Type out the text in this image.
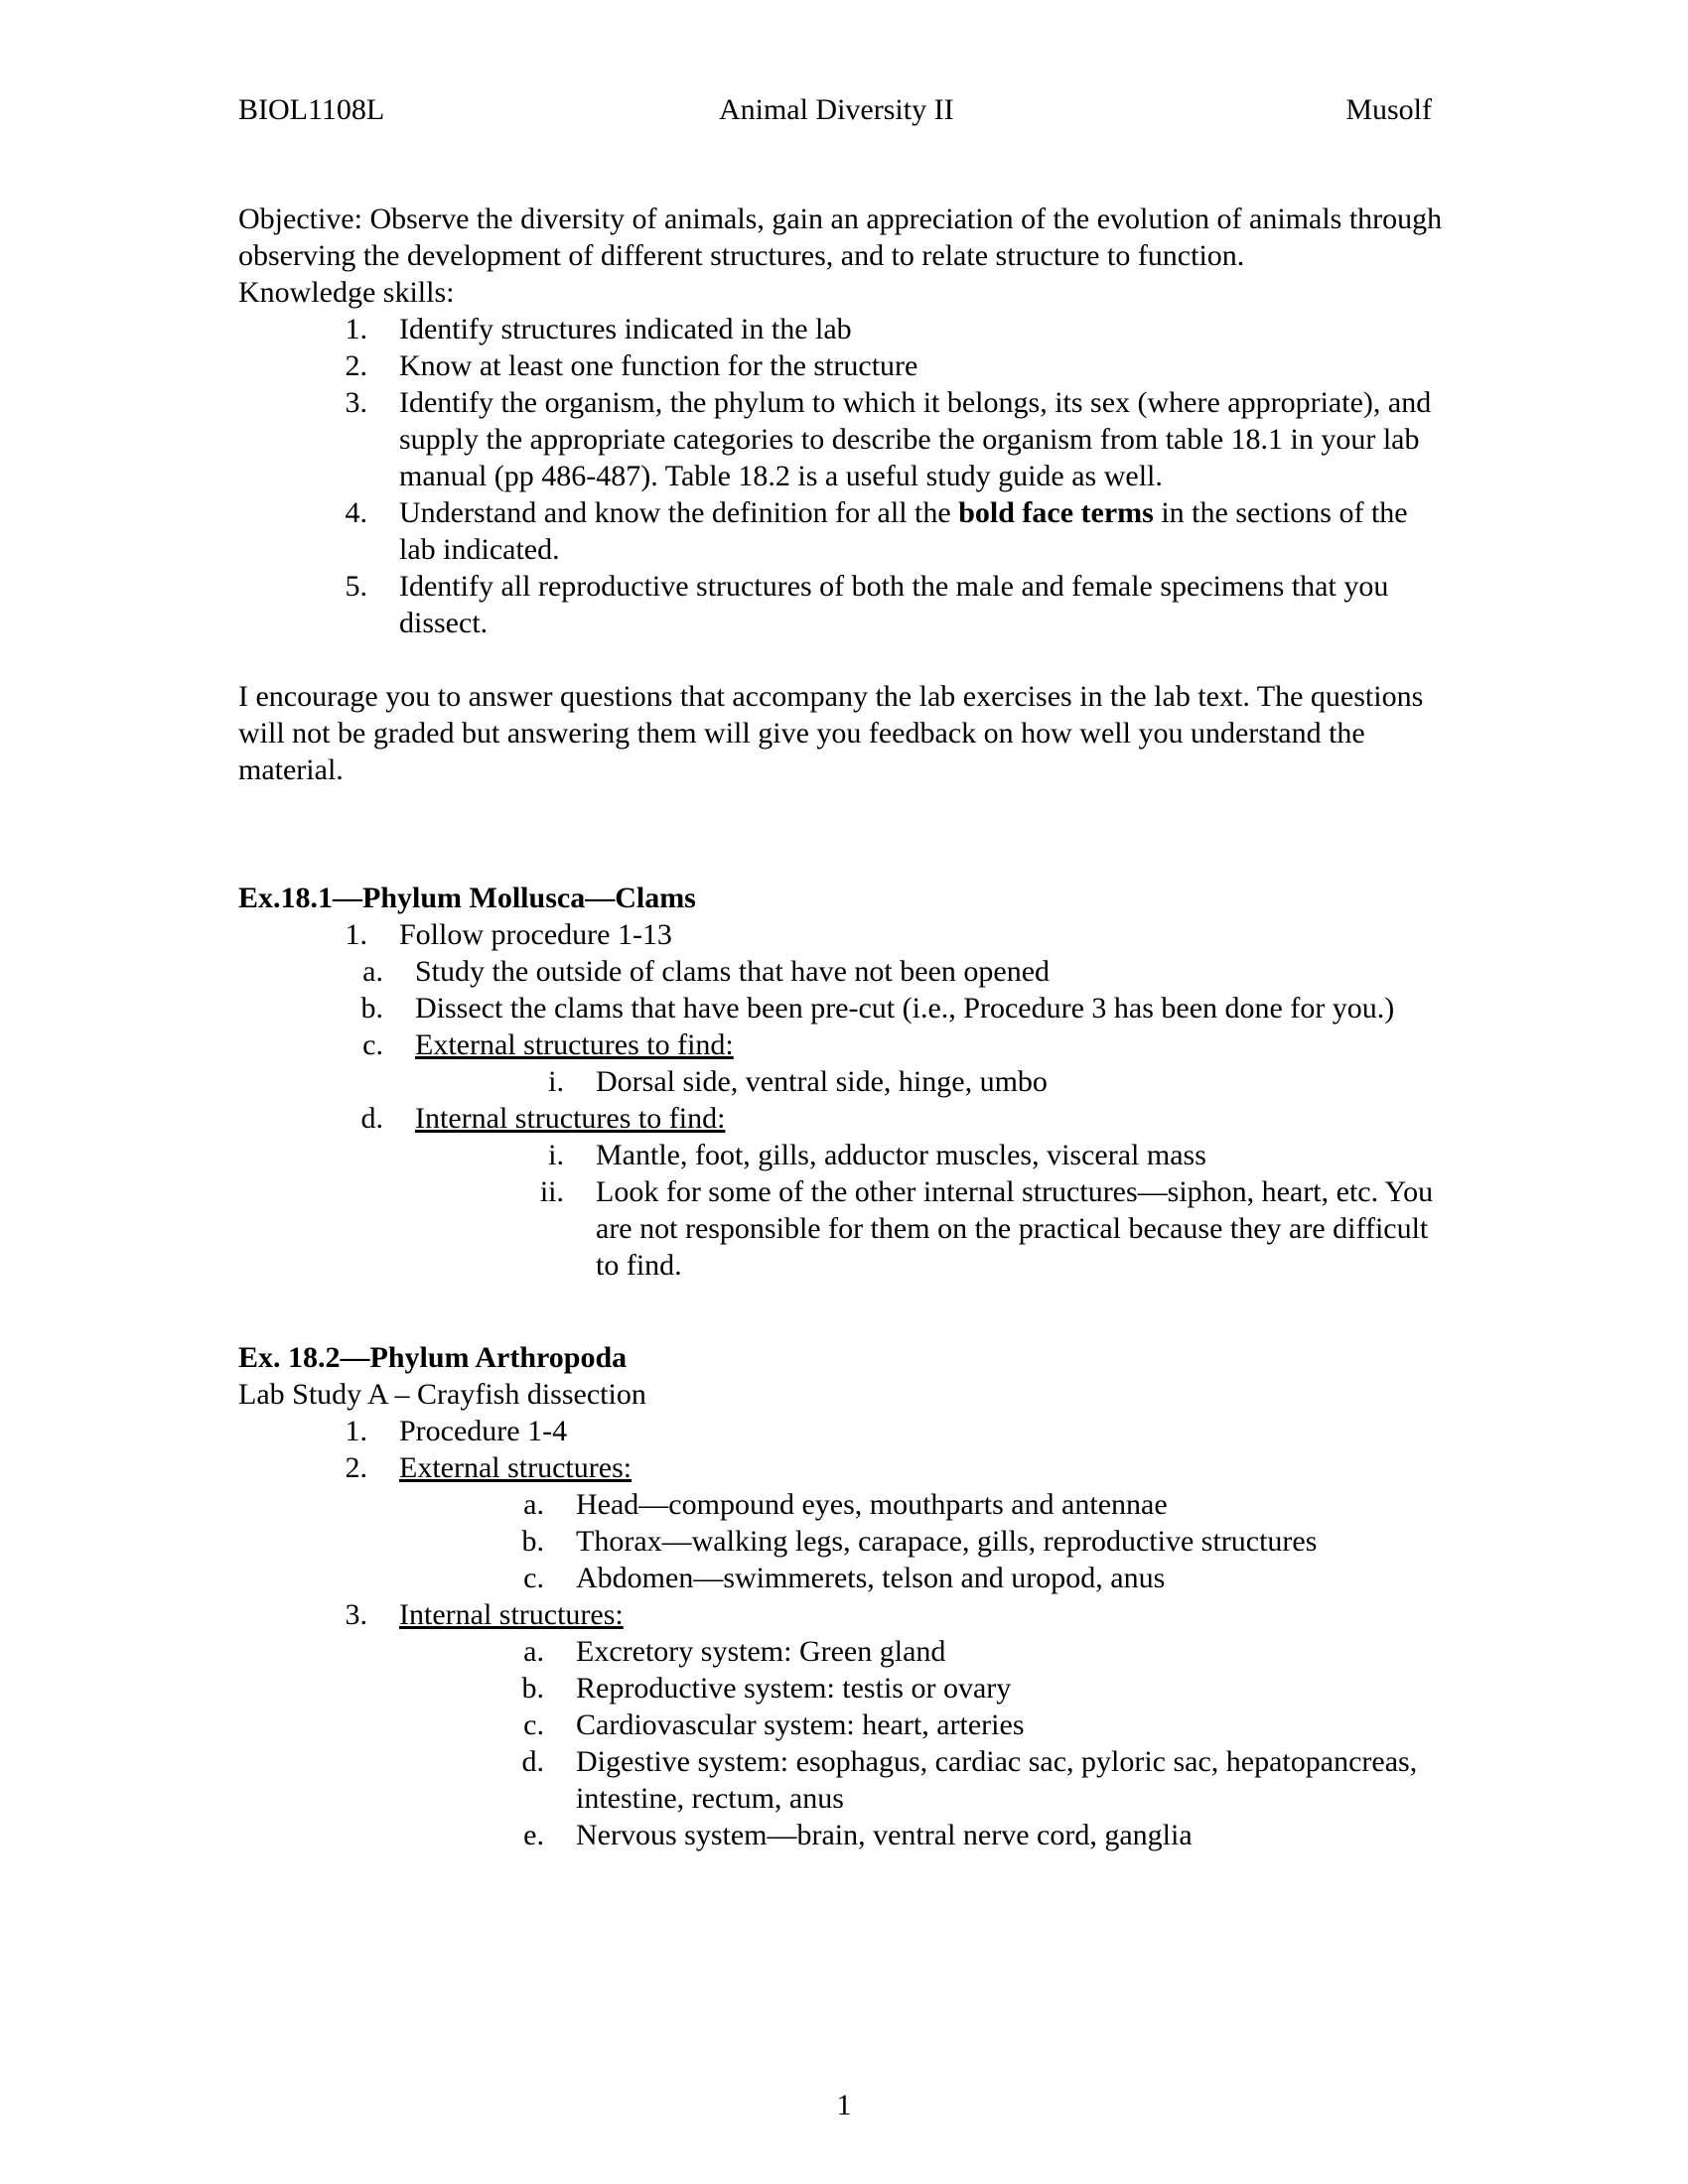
BIOL1108L	Animal Diversity II	Musolf

Objective: Observe the diversity of animals, gain an appreciation of the evolution of animals through observing the development of different structures, and to relate structure to function.

Knowledge skills:

1. Identify structures indicated in the lab
2. Know at least one function for the structure
3. Identify the organism, the phylum to which it belongs, its sex (where appropriate), and supply the appropriate categories to describe the organism from table 18.1 in your lab manual (pp 486-487). Table 18.2 is a useful study guide as well.
4. Understand and know the definition for all the bold face terms in the sections of the lab indicated.
5. Identify all reproductive structures of both the male and female specimens that you dissect.

I encourage you to answer questions that accompany the lab exercises in the lab text. The questions will not be graded but answering them will give you feedback on how well you understand the material.

Ex.18.1—Phylum Mollusca—Clams

1. Follow procedure 1-13
a. Study the outside of clams that have not been opened
b. Dissect the clams that have been pre-cut (i.e., Procedure 3 has been done for you.)
c. External structures to find:
i. Dorsal side, ventral side, hinge, umbo
d. Internal structures to find:
i. Mantle, foot, gills, adductor muscles, visceral mass
ii. Look for some of the other internal structures—siphon, heart, etc. You are not responsible for them on the practical because they are difficult to find.

Ex. 18.2—Phylum Arthropoda

Lab Study A – Crayfish dissection

1. Procedure 1-4
2. External structures:
a. Head—compound eyes, mouthparts and antennae
b. Thorax—walking legs, carapace, gills, reproductive structures
c. Abdomen—swimmerets, telson and uropod, anus
3. Internal structures:
a. Excretory system: Green gland
b. Reproductive system: testis or ovary
c. Cardiovascular system: heart, arteries
d. Digestive system: esophagus, cardiac sac, pyloric sac, hepatopancreas, intestine, rectum, anus
e. Nervous system—brain, ventral nerve cord, ganglia
1
